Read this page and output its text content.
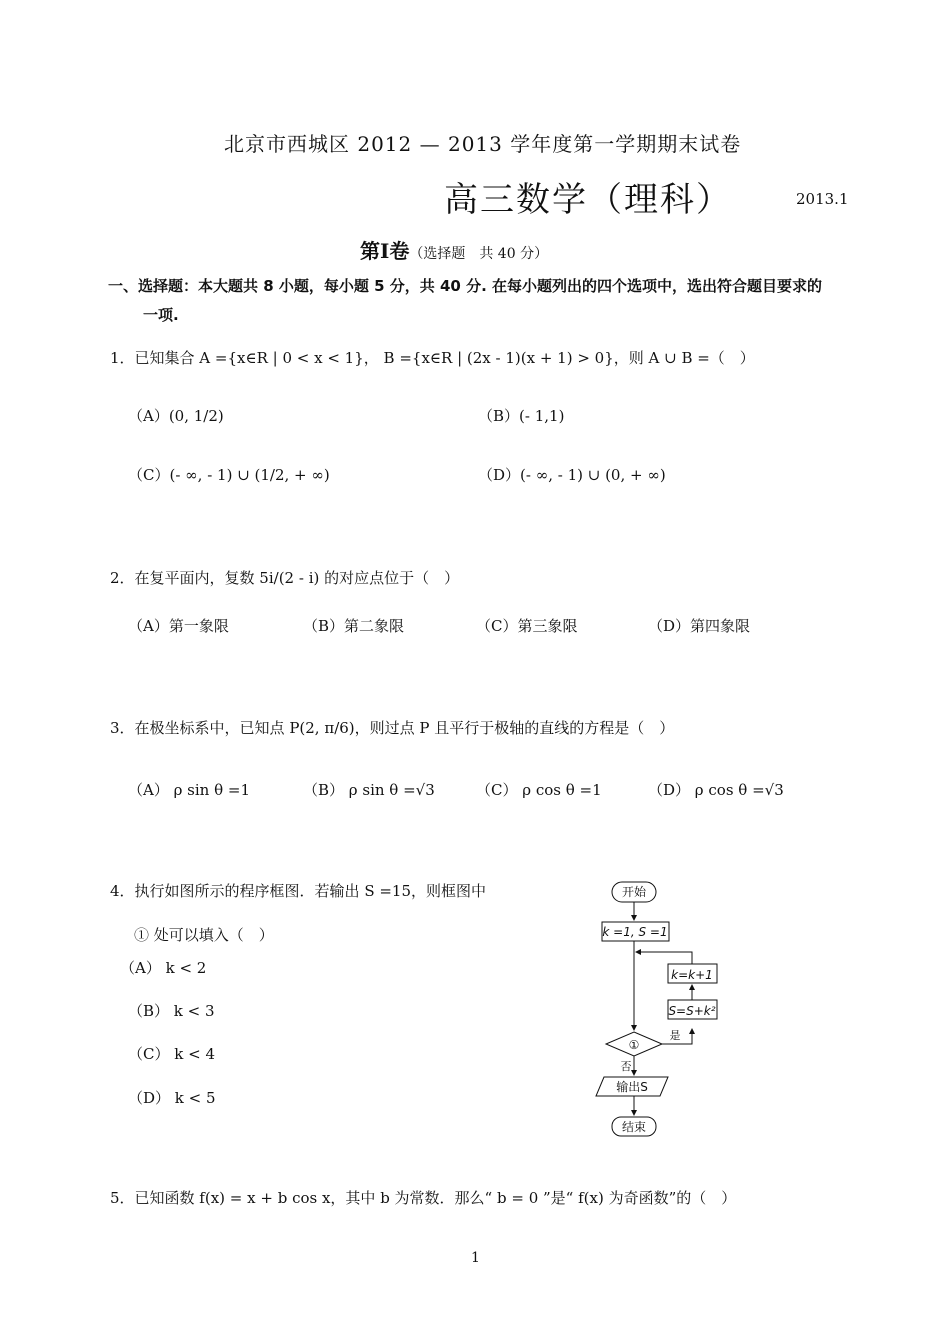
北京市西城区 2012 — 2013 学年度第一学期期末试卷
高三数学（理科）	2013.1
第Ⅰ卷（选择题　共 40 分）
一、选择题：本大题共 8 小题，每小题 5 分，共 40 分. 在每小题列出的四个选项中，选出符合题目要求的
一项.
1．已知集合 A ={x∈R | 0 < x < 1}， B ={x∈R | (2x - 1)(x + 1) > 0}，则 A ∪ B =（　）
（A）(0, 1/2)	（B）(- 1,1)
（C）(- ∞, - 1) ∪ (1/2, + ∞)	（D）(- ∞, - 1) ∪ (0, + ∞)
2．在复平面内，复数 5i/(2 - i) 的对应点位于（　）
（A）第一象限	（B）第二象限	（C）第三象限	（D）第四象限
3．在极坐标系中，已知点 P(2, π/6)，则过点 P 且平行于极轴的直线的方程是（　）
（A） ρ sin θ =1	（B） ρ sin θ =√3	（C） ρ cos θ =1	（D） ρ cos θ =√3
4．执行如图所示的程序框图．若输出 S =15，则框图中
① 处可以填入（　）
（A） k < 2
（B） k < 3
（C） k < 4
（D） k < 5
开始
k =1, S =1
k=k+1
S=S+k²
①
是
否
输出S
结束
5．已知函数 f(x) = x + b cos x，其中 b 为常数．那么“ b = 0 ”是“ f(x) 为奇函数”的（　）
1
